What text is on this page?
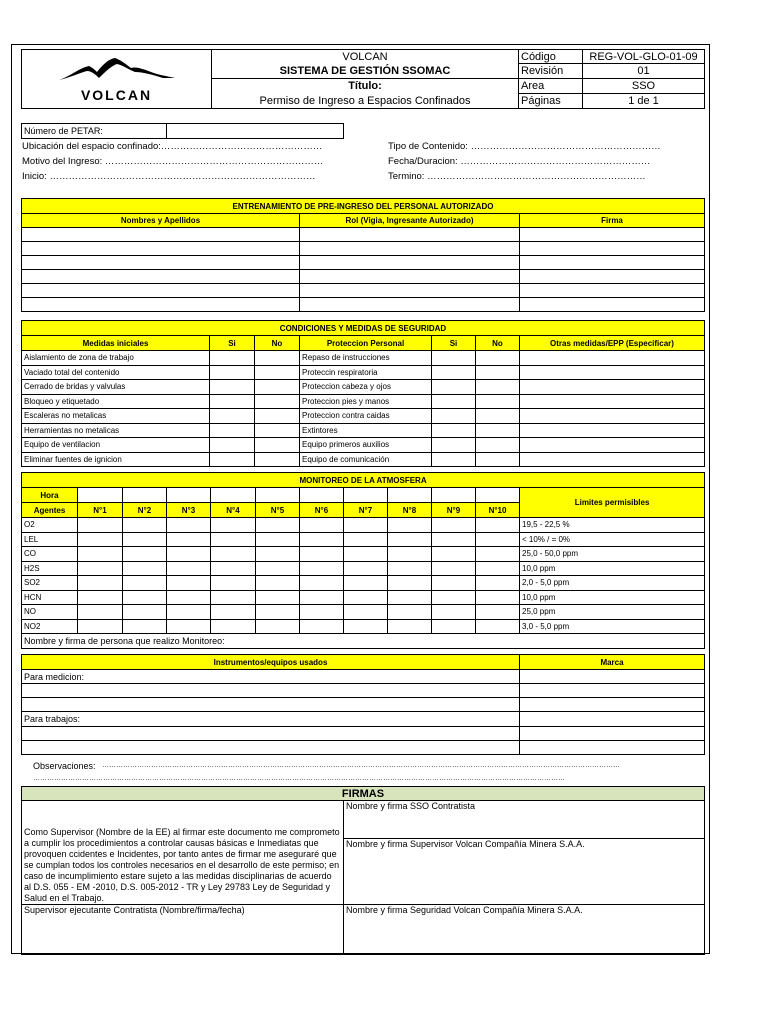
VOLCAN	VOLCAN	Código	REG-VOL-GLO-01-09
	SISTEMA DE GESTIÓN SSOMAC	Revisión	01
	Título:	Area	SSO
	Permiso de Ingreso a Espacios Confinados	Páginas	1 de 1
Número de PETAR:	
Ubicación del espacio confinado:……………………………………………	Tipo de Contenido: ……………………………………………………
Motivo del Ingreso: ……………………………………………………………	Fecha/Duracion: ……………………………………………………
Inicio: …………………………………………………………………………	Termino: ……………………………………………………………
ENTRENAMIENTO DE PRE-INGRESO DEL PERSONAL AUTORIZADO		
Nombres y Apellidos	Rol (Vigia, Ingresante Autorizado)	Firma

CONDICIONES Y MEDIDAS DE SEGURIDAD						
Medidas iniciales	Si	No	Proteccion Personal	Si	No	Otras medidas/EPP (Especificar)
Aislamiento de zona de trabajo			Repaso de instrucciones			
Vaciado total del contenido			Proteccin respiratoria			
Cerrado de bridas y valvulas			Proteccion cabeza y ojos			
Bloqueo y etiquetado			Proteccion pies y manos			
Escaleras no metalicas			Proteccion contra caidas			
Herramientas no metalicas			Extintores			
Equipo de ventilacion			Equipo primeros auxilios			
Eliminar fuentes de ignicion			Equipo de comunicación			
MONITOREO DE LA ATMOSFERA											
Hora											Limites permisibles
Agentes	N°1	N°2	N°3	N°4	N°5	N°6	N°7	N°8	N°9	N°10	
O2											19,5 - 22,5 %
LEL											< 10% / = 0%
CO											25,0 - 50,0 ppm
H2S											10,0 ppm
SO2											2,0 - 5,0 ppm
HCN											10,0 ppm
NO											25,0 ppm
NO2											3,0 - 5,0 ppm
Nombre y firma de persona que realizo Monitoreo:											
Instrumentos/equipos usados	Marca
Para medicion:	

Para trabajos:	

Observaciones: ……………………………………………………………………………………………………………………………………………………………………………………………………
…………………………………………………………………………………………………………………………………………………………………………………………………………
FIRMAS	
Como Supervisor (Nombre de la EE) al firmar este documento me comprometo a cumplir los procedimientos a controlar causas básicas e Inmediatas que provoquen ccidentes e Incidentes, por tanto antes de firmar me aseguraré que se cumplan todos los controles necesarios en el desarrollo de este permiso; en caso de incumplimiento estare sujeto a las medidas disciplinarias de acuerdo al D.S. 055 - EM -2010, D.S. 005-2012 - TR y Ley 29783 Ley de Seguridad y Salud en el Trabajo.	Nombre y firma SSO Contratista
	Nombre y firma Supervisor Volcan Compañía Minera S.A.A.
Supervisor ejecutante Contratista (Nombre/firma/fecha)	Nombre y firma Seguridad Volcan Compañía Minera S.A.A.
